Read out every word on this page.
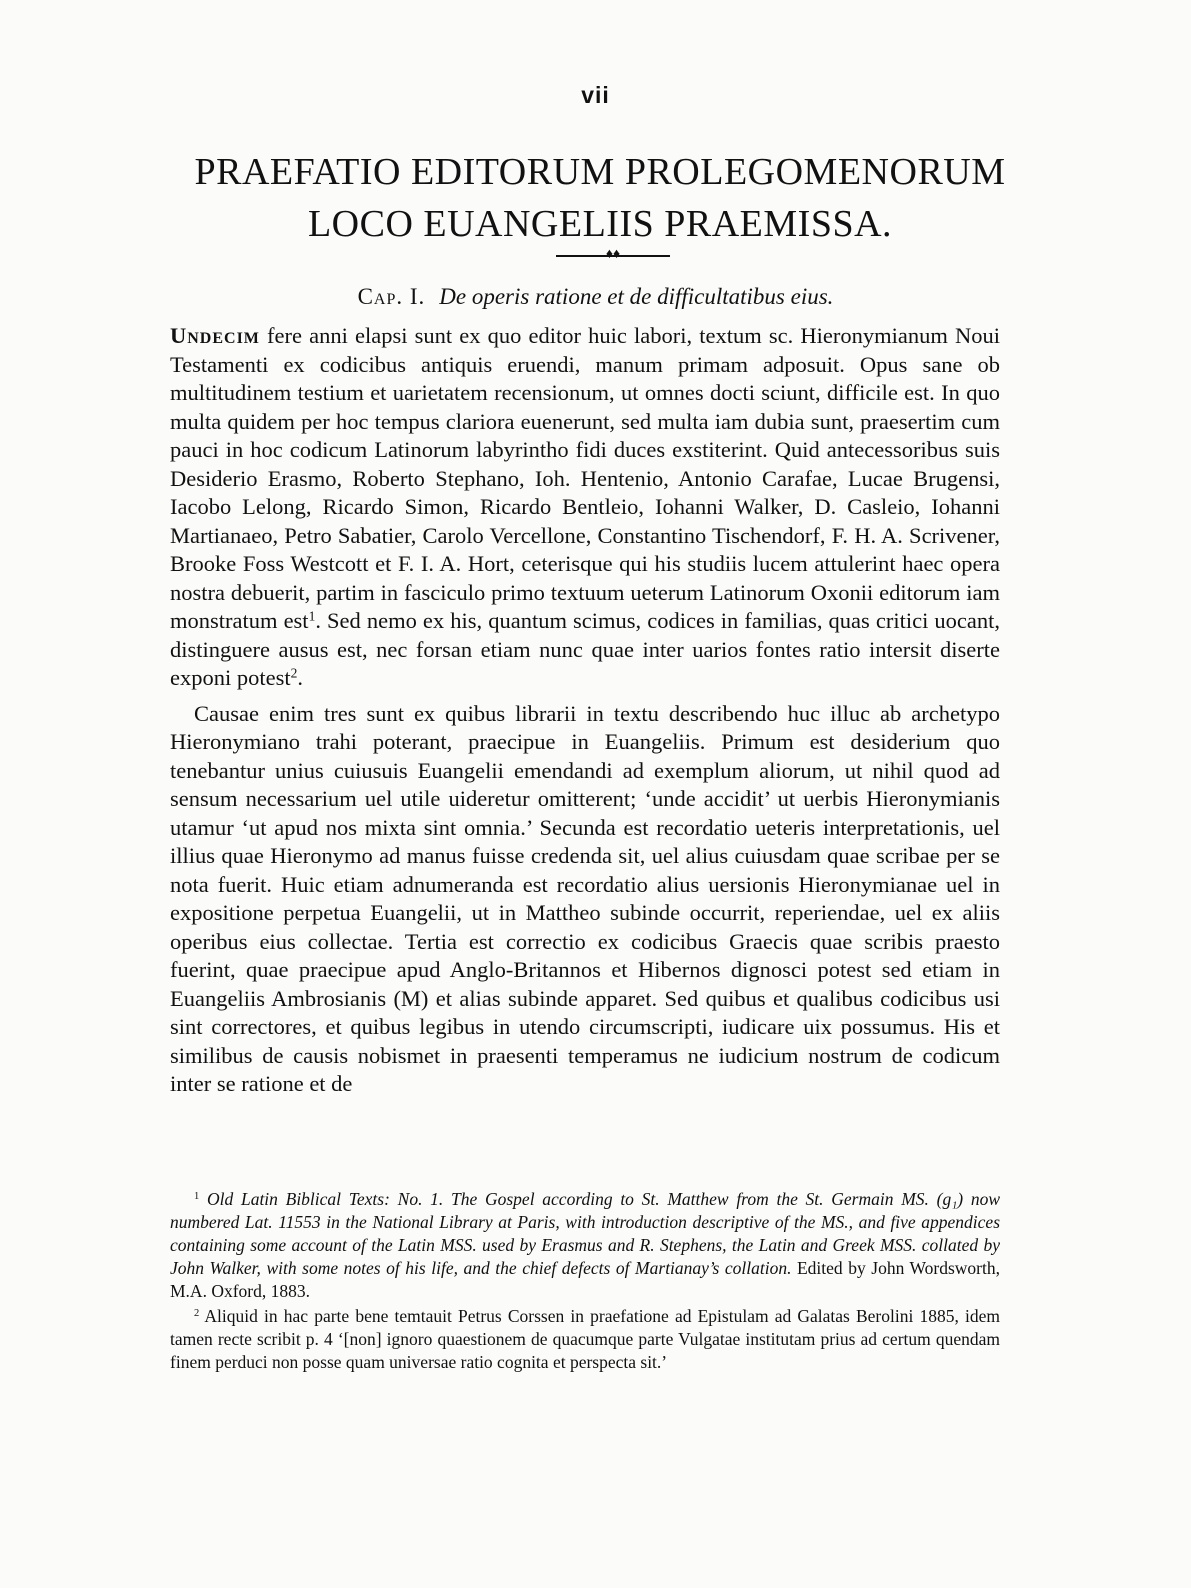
vii
PRAEFATIO EDITORUM PROLEGOMENORUM
LOCO EUANGELIIS PRAEMISSA.
♦♦
Cap. I. De operis ratione et de difficultatibus eius.

Undecim fere anni elapsi sunt ex quo editor huic labori, textum sc. Hieronymianum Noui Testamenti ex codicibus antiquis eruendi, manum primam adposuit. Opus sane ob multitudinem testium et uarietatem recensionum, ut omnes docti sciunt, difficile est. In quo multa quidem per hoc tempus clariora euenerunt, sed multa iam dubia sunt, praesertim cum pauci in hoc codicum Latinorum labyrintho fidi duces exstiterint. Quid antecessoribus suis Desiderio Erasmo, Roberto Stephano, Ioh. Hentenio, Antonio Carafae, Lucae Brugensi, Iacobo Lelong, Ricardo Simon, Ricardo Bentleio, Iohanni Walker, D. Casleio, Iohanni Martianaeo, Petro Sabatier, Carolo Vercellone, Constantino Tischendorf, F. H. A. Scrivener, Brooke Foss Westcott et F. I. A. Hort, ceterisque qui his studiis lucem attulerint haec opera nostra debuerit, partim in fasciculo primo textuum ueterum Latinorum Oxonii editorum iam monstratum est$^1$. Sed nemo ex his, quantum scimus, codices in familias, quas critici uocant, distinguere ausus est, nec forsan etiam nunc quae inter uarios fontes ratio intersit diserte exponi potest$^2$.

Causae enim tres sunt ex quibus librarii in textu describendo huc illuc ab archetypo Hieronymiano trahi poterant, praecipue in Euangeliis. Primum est desiderium quo tenebantur unius cuiusuis Euangelii emendandi ad exemplum aliorum, ut nihil quod ad sensum necessarium uel utile uideretur omitterent; ‘unde accidit’ ut uerbis Hieronymianis utamur ‘ut apud nos mixta sint omnia.’ Secunda est recordatio ueteris interpretationis, uel illius quae Hieronymo ad manus fuisse credenda sit, uel alius cuiusdam quae scribae per se nota fuerit. Huic etiam adnumeranda est recordatio alius uersionis Hieronymianae uel in expositione perpetua Euangelii, ut in Mattheo subinde occurrit, reperiendae, uel ex aliis operibus eius collectae. Tertia est correctio ex codicibus Graecis quae scribis praesto fuerint, quae praecipue apud Anglo-Britannos et Hibernos dignosci potest sed etiam in Euangeliis Ambrosianis (M) et alias subinde apparet. Sed quibus et qualibus codicibus usi sint correctores, et quibus legibus in utendo circumscripti, iudicare uix possumus. His et similibus de causis nobismet in praesenti temperamus ne iudicium nostrum de codicum inter se ratione et de

$^1$ Old Latin Biblical Texts: No. 1. The Gospel according to St. Matthew from the St. Germain MS. (g₁) now numbered Lat. 11553 in the National Library at Paris, with introduction descriptive of the MS., and five appendices containing some account of the Latin MSS. used by Erasmus and R. Stephens, the Latin and Greek MSS. collated by John Walker, with some notes of his life, and the chief defects of Martianay’s collation. Edited by John Wordsworth, M.A. Oxford, 1883.

$^2$ Aliquid in hac parte bene temtauit Petrus Corssen in praefatione ad Epistulam ad Galatas Berolini 1885, idem tamen recte scribit p. 4 ‘[non] ignoro quaestionem de quacumque parte Vulgatae institutam prius ad certum quendam finem perduci non posse quam universae ratio cognita et perspecta sit.’
